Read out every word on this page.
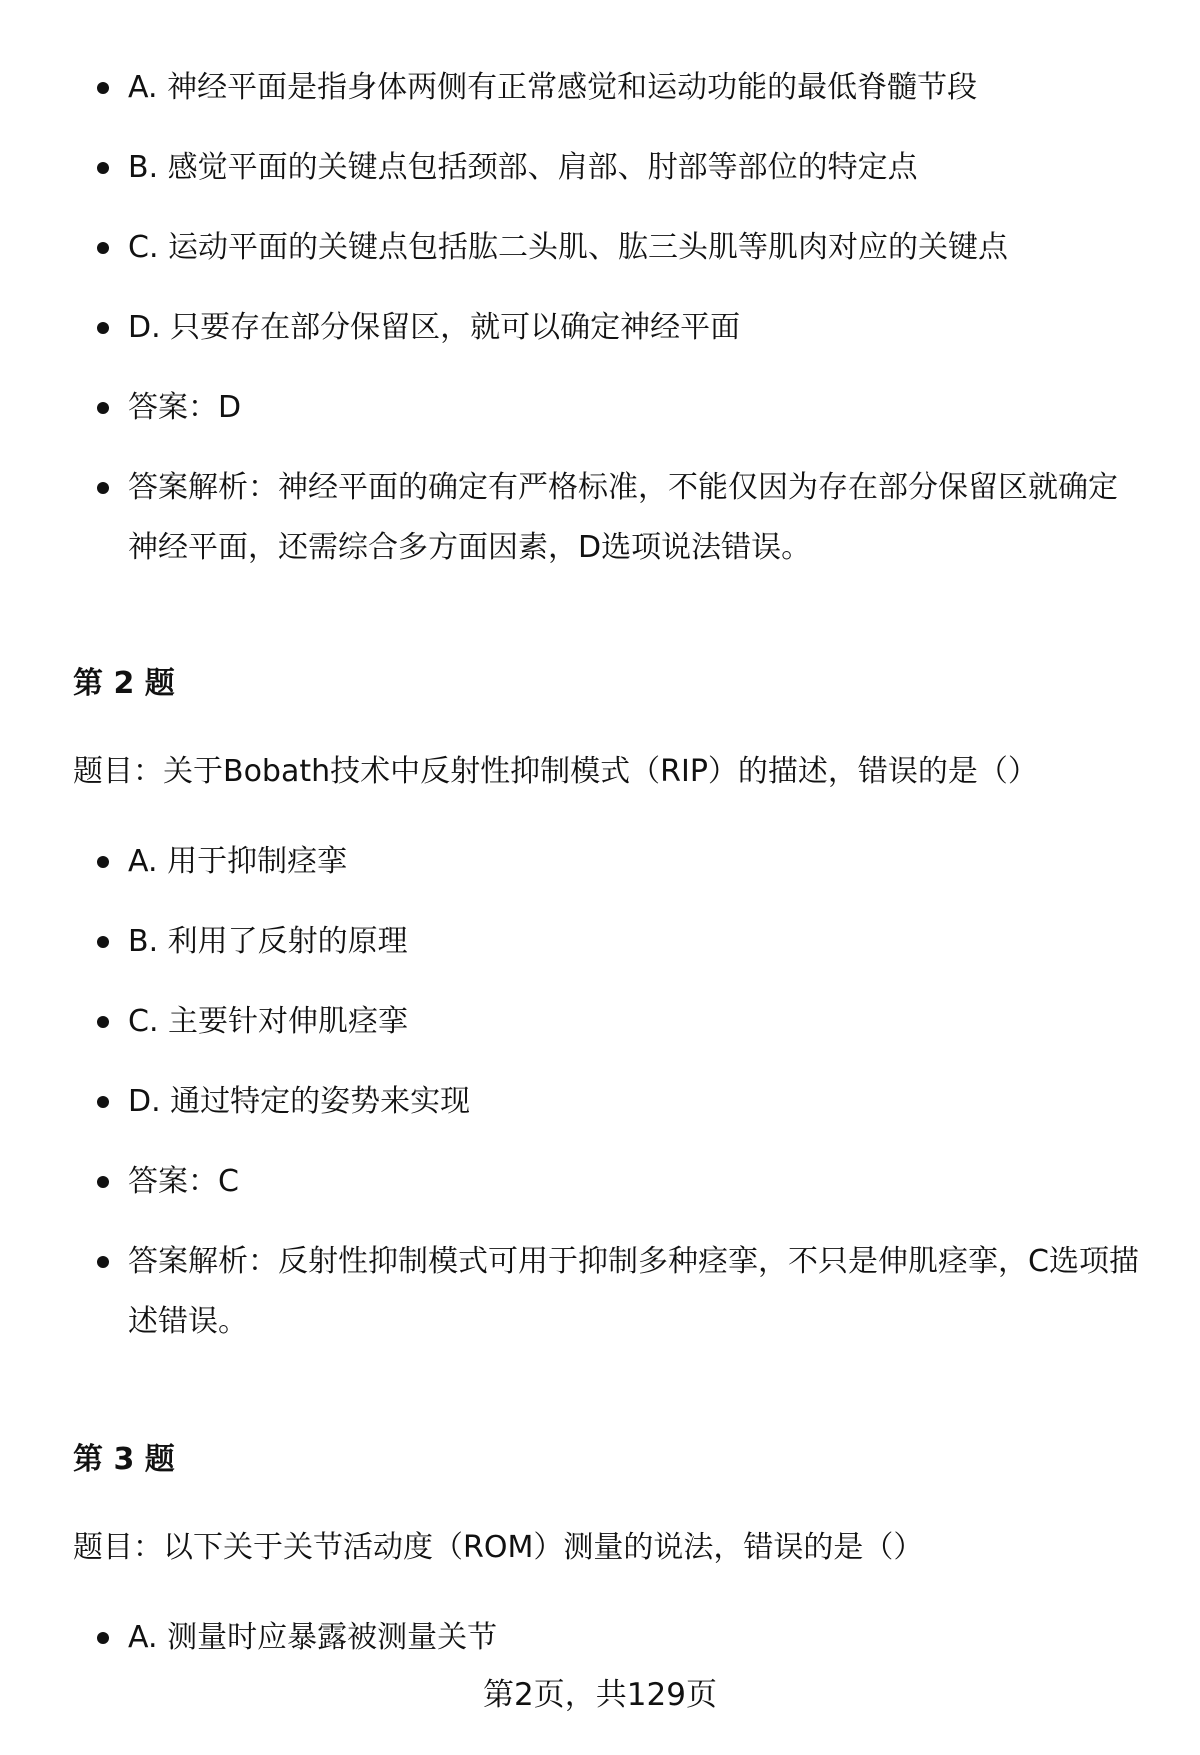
A. 神经平面是指身体两侧有正常感觉和运动功能的最低脊髓节段
B. 感觉平面的关键点包括颈部、肩部、肘部等部位的特定点
C. 运动平面的关键点包括肱二头肌、肱三头肌等肌肉对应的关键点
D. 只要存在部分保留区，就可以确定神经平面
答案：D
答案解析：神经平面的确定有严格标准，不能仅因为存在部分保留区就确定神经平面，还需综合多方面因素，D选项说法错误。
第 2 题
题目：关于Bobath技术中反射性抑制模式（RIP）的描述，错误的是（）
A. 用于抑制痉挛
B. 利用了反射的原理
C. 主要针对伸肌痉挛
D. 通过特定的姿势来实现
答案：C
答案解析：反射性抑制模式可用于抑制多种痉挛，不只是伸肌痉挛，C选项描述错误。
第 3 题
题目：以下关于关节活动度（ROM）测量的说法，错误的是（）
A. 测量时应暴露被测量关节
第2页，共129页
